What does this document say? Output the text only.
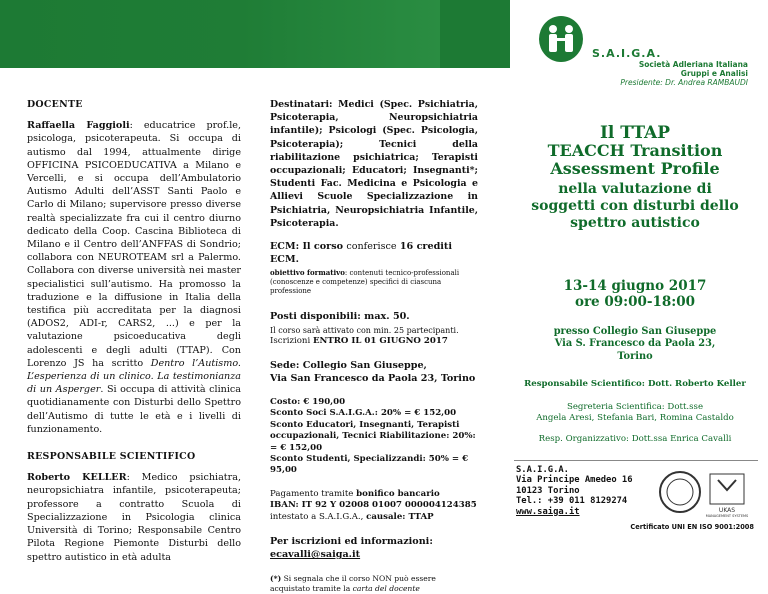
S.A.I.G.A.
Società Adleriana Italiana
Gruppi e Analisi
Presidente: Dr. Andrea RAMBAUDI
DOCENTE

Raffaella Faggioli: educatrice prof.le, psicologa, psicoterapeuta. Si occupa di autismo dal 1994, attualmente dirige OFFICINA PSICOEDUCATIVA a Milano e Vercelli, e si occupa dell’Ambulatorio Autismo Adulti dell’ASST Santi Paolo e Carlo di Milano; supervisore presso diverse realtà specializzate fra cui il centro diurno dedicato della Coop. Cascina Biblioteca di Milano e il Centro dell’ANFFAS di Sondrio; collabora con NEUROTEAM srl a Palermo. Collabora con diverse università nei master specialistici sull’autismo. Ha promosso la traduzione e la diffusione in Italia della testifica più accreditata per la diagnosi (ADOS2, ADI-r, CARS2, ...) e per la valutazione psicoeducativa degli adolescenti e degli adulti (TTAP). Con Lorenzo JS ha scritto Dentro l’Autismo. L’esperienza di un clinico. La testimonianza di un Asperger. Si occupa di attività clinica quotidianamente con Disturbi dello Spettro dell’Autismo di tutte le età e i livelli di funzionamento.

RESPONSABILE SCIENTIFICO

Roberto KELLER: Medico psichiatra, neuropsichiatra infantile, psicoterapeuta; professore a contratto Scuola di Specializzazione in Psicologia clinica Università di Torino; Responsabile Centro Pilota Regione Piemonte Disturbi dello spettro autistico in età adulta

Destinatari: Medici (Spec. Psichiatria, Psicoterapia, Neuropsichiatria infantile); Psicologi (Spec. Psicologia, Psicoterapia); Tecnici della riabilitazione psichiatrica; Terapisti occupazionali; Educatori; Insegnanti*; Studenti Fac. Medicina e Psicologia e Allievi Scuole Specializzazione in Psichiatria, Neuropsichiatria Infantile, Psicoterapia.

ECM: Il corso conferisce 16 crediti ECM.

obiettivo formativo: contenuti tecnico-professionali (conoscenze e competenze) specifici di ciascuna professione

Posti disponibili: max. 50.

Il corso sarà attivato con min. 25 partecipanti.

Iscrizioni ENTRO IL 01 GIUGNO 2017

Sede: Collegio San Giuseppe,

Via San Francesco da Paola 23, Torino

Costo: € 190,00

Sconto Soci S.A.I.G.A.: 20% = € 152,00

Sconto Educatori, Insegnanti, Terapisti occupazionali, Tecnici Riabilitazione: 20%: = € 152,00

Sconto Studenti, Specializzandi: 50% = € 95,00

Pagamento tramite bonifico bancario

IBAN: IT 92 Y 02008 01007 000004124385

intestato a S.A.I.G.A., causale: TTAP

Per iscrizioni ed informazioni:

ecavalli@saiga.it

(*) Si segnala che il corso NON può essere acquistato tramite la carta del docente

Il TTAP
TEACCH Transition
Assessment Profile
nella valutazione di
soggetti con disturbi dello
spettro autistico
13-14 giugno 2017
ore 09:00-18:00
presso Collegio San Giuseppe
Via S. Francesco da Paola 23,
Torino
Responsabile Scientifico: Dott. Roberto Keller
Segreteria Scientifica: Dott.sse
Angela Aresi, Stefania Bari, Romina Castaldo
Resp. Organizzativo: Dott.ssa Enrica Cavalli
S.A.I.G.A.
Via Principe Amedeo 16
10123 Torino
Tel.: +39 011 8129274
www.saiga.it	UKAS
MANAGEMENT SYSTEMS
Certificato UNI EN ISO 9001:2008
